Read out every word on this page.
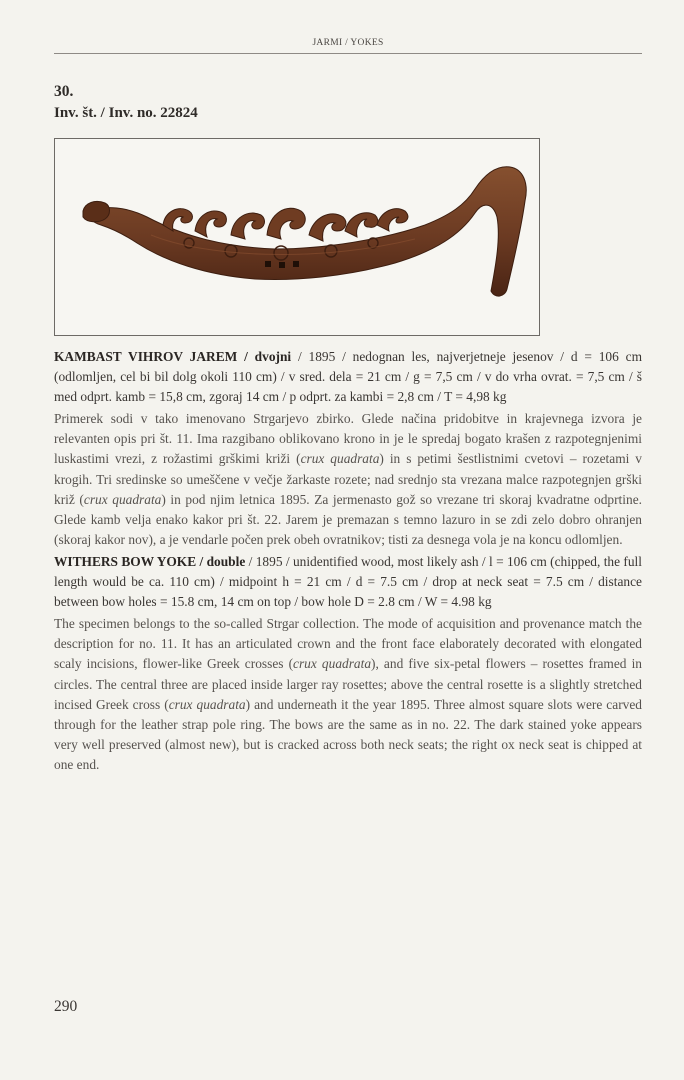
JARMI / YOKES
30.
Inv. št. / Inv. no. 22824

KAMBAST VIHROV JAREM / dvojni / 1895 / nedognan les, najverjetneje jesenov / d = 106 cm (odlomljen, cel bi bil dolg okoli 110 cm) / v sred. dela = 21 cm / g = 7,5 cm / v do vrha ovrat. = 7,5 cm / š med odprt. kamb = 15,8 cm, zgoraj 14 cm / p odprt. za kambi = 2,8 cm / T = 4,98 kg

Primerek sodi v tako imenovano Strgarjevo zbirko. Glede načina pridobitve in krajevnega izvora je relevanten opis pri št. 11. Ima razgibano oblikovano krono in je le spredaj bogato krašen z razpotegnjenimi luskastimi vrezi, z rožastimi grškimi križi (crux quadrata) in s petimi šestlistnimi cvetovi – rozetami v krogih. Tri sredinske so umeščene v večje žarkaste rozete; nad srednjo sta vrezana malce razpotegnjen grški križ (crux quadrata) in pod njim letnica 1895. Za jermenasto gož so vrezane tri skoraj kvadratne odprtine. Glede kamb velja enako kakor pri št. 22. Jarem je premazan s temno lazuro in se zdi zelo dobro ohranjen (skoraj kakor nov), a je vendarle počen prek obeh ovratnikov; tisti za desnega vola je na koncu odlomljen.

WITHERS BOW YOKE / double / 1895 / unidentified wood, most likely ash / l = 106 cm (chipped, the full length would be ca. 110 cm) / midpoint h = 21 cm / d = 7.5 cm / drop at neck seat = 7.5 cm / distance between bow holes = 15.8 cm, 14 cm on top / bow hole D = 2.8 cm / W = 4.98 kg

The specimen belongs to the so-called Strgar collection. The mode of acquisition and provenance match the description for no. 11. It has an articulated crown and the front face elaborately decorated with elongated scaly incisions, flower-like Greek crosses (crux quadrata), and five six-petal flowers – rosettes framed in circles. The central three are placed inside larger ray rosettes; above the central rosette is a slightly stretched incised Greek cross (crux quadrata) and underneath it the year 1895. Three almost square slots were carved through for the leather strap pole ring. The bows are the same as in no. 22. The dark stained yoke appears very well preserved (almost new), but is cracked across both neck seats; the right ox neck seat is chipped at one end.

290
